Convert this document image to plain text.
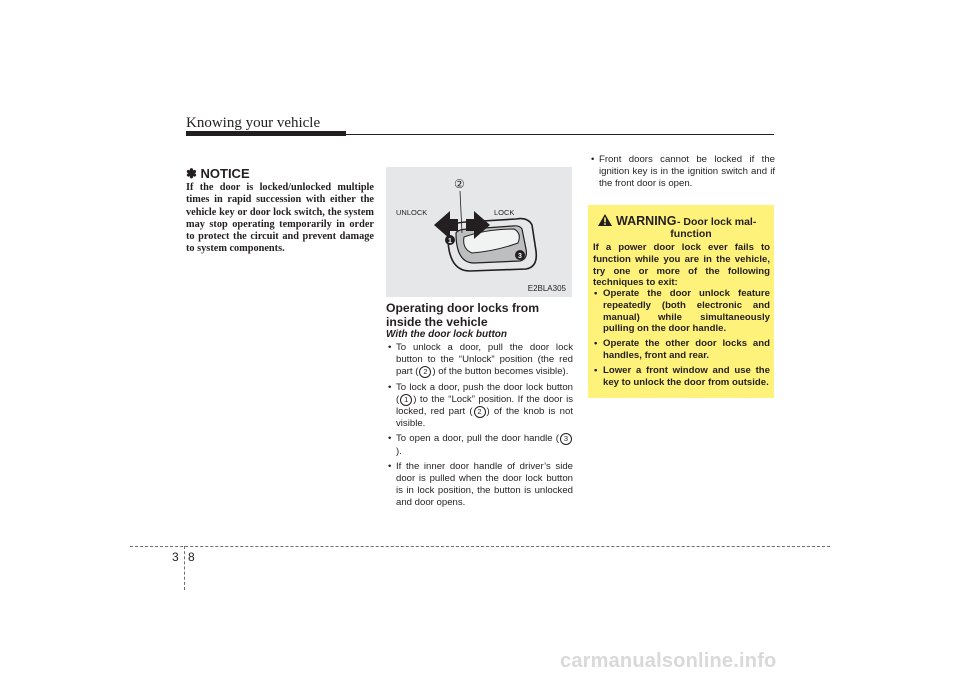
Knowing your vehicle
✽ NOTICE
If the door is locked/unlocked multiple times in rapid succession with either the vehicle key or door lock switch, the system may stop operating temporarily in order to protect the circuit and prevent damage to system components.
1
3
②
UNLOCK	LOCK
E2BLA305
Operating door locks from inside the vehicle
With the door lock button
• To unlock a door, pull the door lock button to the “Unlock” position (the red part ( 2 ) of the button becomes visible).
• To lock a door, push the door lock button ( 1 ) to the “Lock” position. If the door is locked, red part ( 2 ) of the knob is not visible.
• To open a door, pull the door handle ( 3).
• If the inner door handle of driver’s side door is pulled when the door lock button is in lock position, the button is unlocked and door opens.
• Front doors cannot be locked if the ignition key is in the ignition switch and if the front door is open.
WARNING - Door lock mal-
function
If a power door lock ever fails to function while you are in the vehicle, try one or more of the following techniques to exit:
• Operate the door unlock feature repeatedly (both electronic and manual) while simultaneously pulling on the door handle.
• Operate the other door locks and handles, front and rear.
• Lower a front window and use the key to unlock the door from outside.
3 8
carmanualsonline.info
